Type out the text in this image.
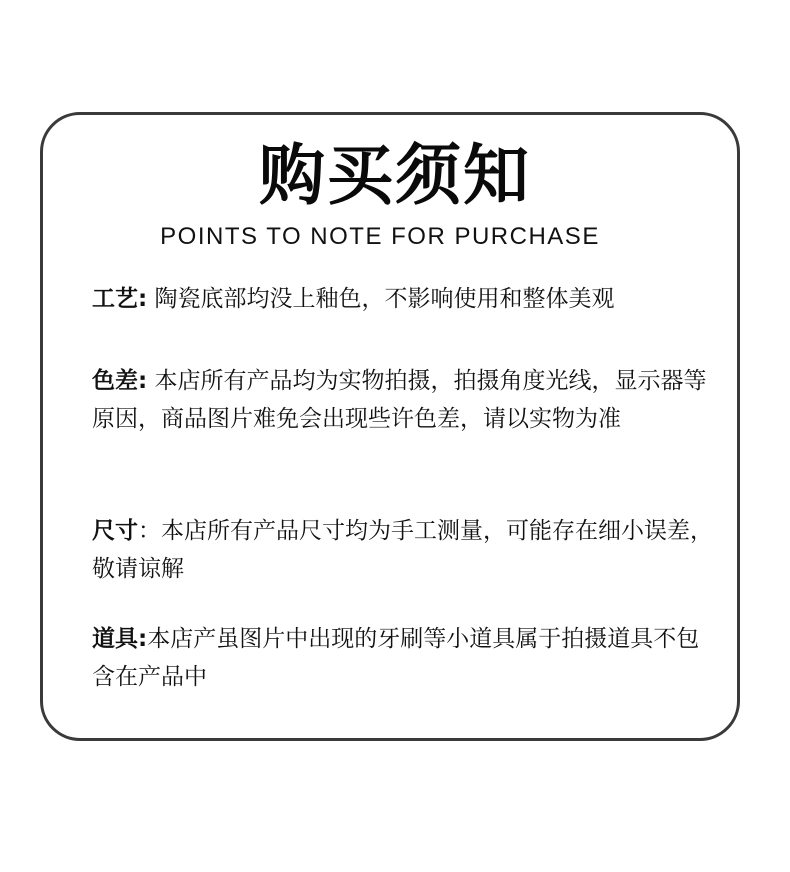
购买须知
POINTS TO NOTE FOR PURCHASE
工艺: 陶瓷底部均没上釉色，不影响使用和整体美观
色差: 本店所有产品均为实物拍摄，拍摄角度光线，显示器等原因，商品图片难免会出现些许色差，请以实物为准
尺寸：本店所有产品尺寸均为手工测量，可能存在细小误差，敬请谅解
道具:本店产虽图片中出现的牙刷等小道具属于拍摄道具不包含在产品中
